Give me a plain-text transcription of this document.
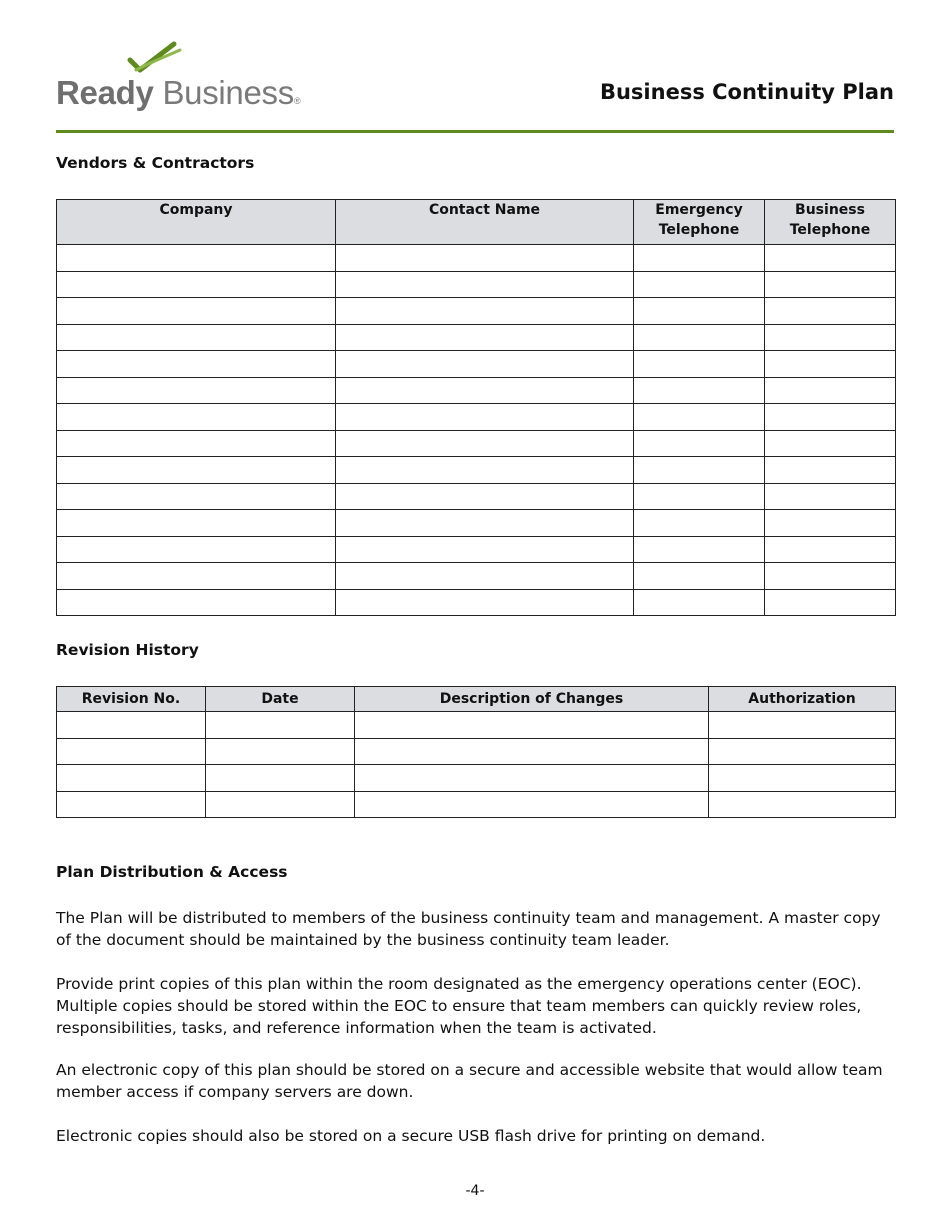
Ready Business®	Business Continuity Plan
Vendors & Contractors
Company	Contact Name	Emergency Telephone	Business Telephone

Revision History
Revision No.	Date	Description of Changes	Authorization

Plan Distribution & Access

The Plan will be distributed to members of the business continuity team and management. A master copy of the document should be maintained by the business continuity team leader.

Provide print copies of this plan within the room designated as the emergency operations center (EOC). Multiple copies should be stored within the EOC to ensure that team members can quickly review roles, responsibilities, tasks, and reference information when the team is activated.

An electronic copy of this plan should be stored on a secure and accessible website that would allow team member access if company servers are down.

Electronic copies should also be stored on a secure USB flash drive for printing on demand.

-4-
